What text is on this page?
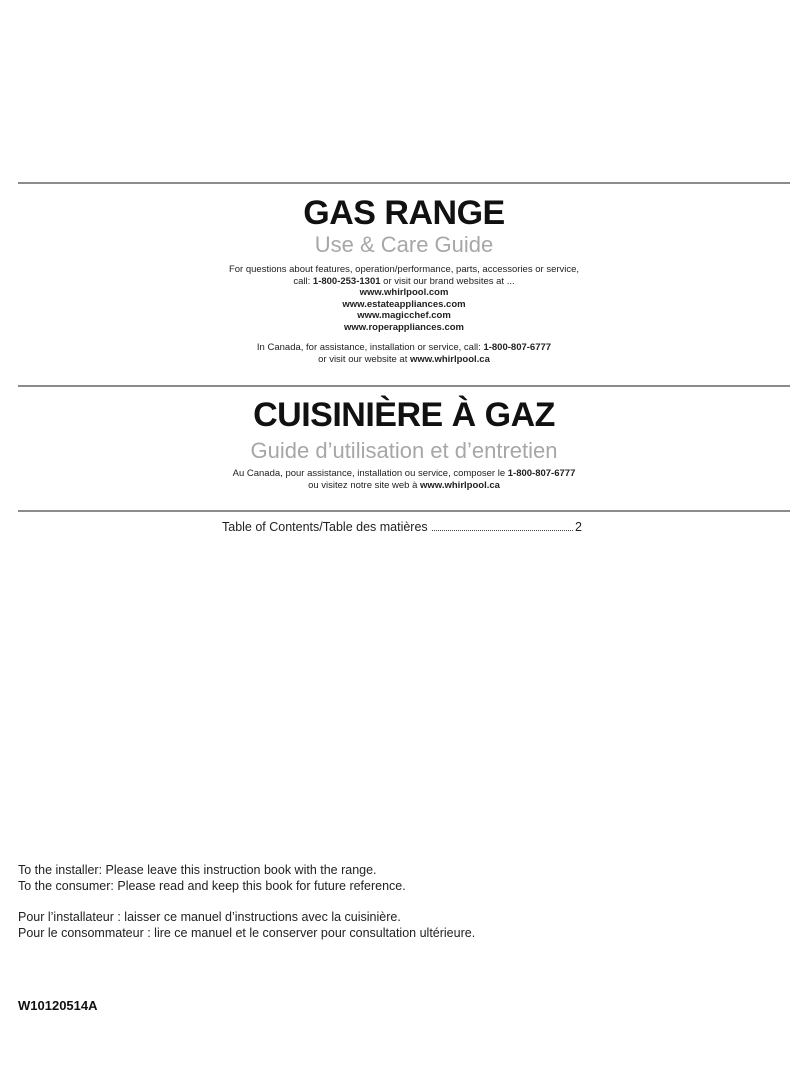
GAS RANGE
Use & Care Guide
For questions about features, operation/performance, parts, accessories or service,
call: 1-800-253-1301 or visit our brand websites at ...
www.whirlpool.com
www.estateappliances.com
www.magicchef.com
www.roperappliances.com
In Canada, for assistance, installation or service, call: 1-800-807-6777
or visit our website at www.whirlpool.ca
CUISINIÈRE À GAZ
Guide d’utilisation et d’entretien
Au Canada, pour assistance, installation ou service, composer le 1-800-807-6777
ou visitez notre site web à www.whirlpool.ca
Table of Contents/Table des matières	2
To the installer: Please leave this instruction book with the range.
To the consumer: Please read and keep this book for future reference.
Pour l’installateur : laisser ce manuel d’instructions avec la cuisinière.
Pour le consommateur : lire ce manuel et le conserver pour consultation ultérieure.
W10120514A
